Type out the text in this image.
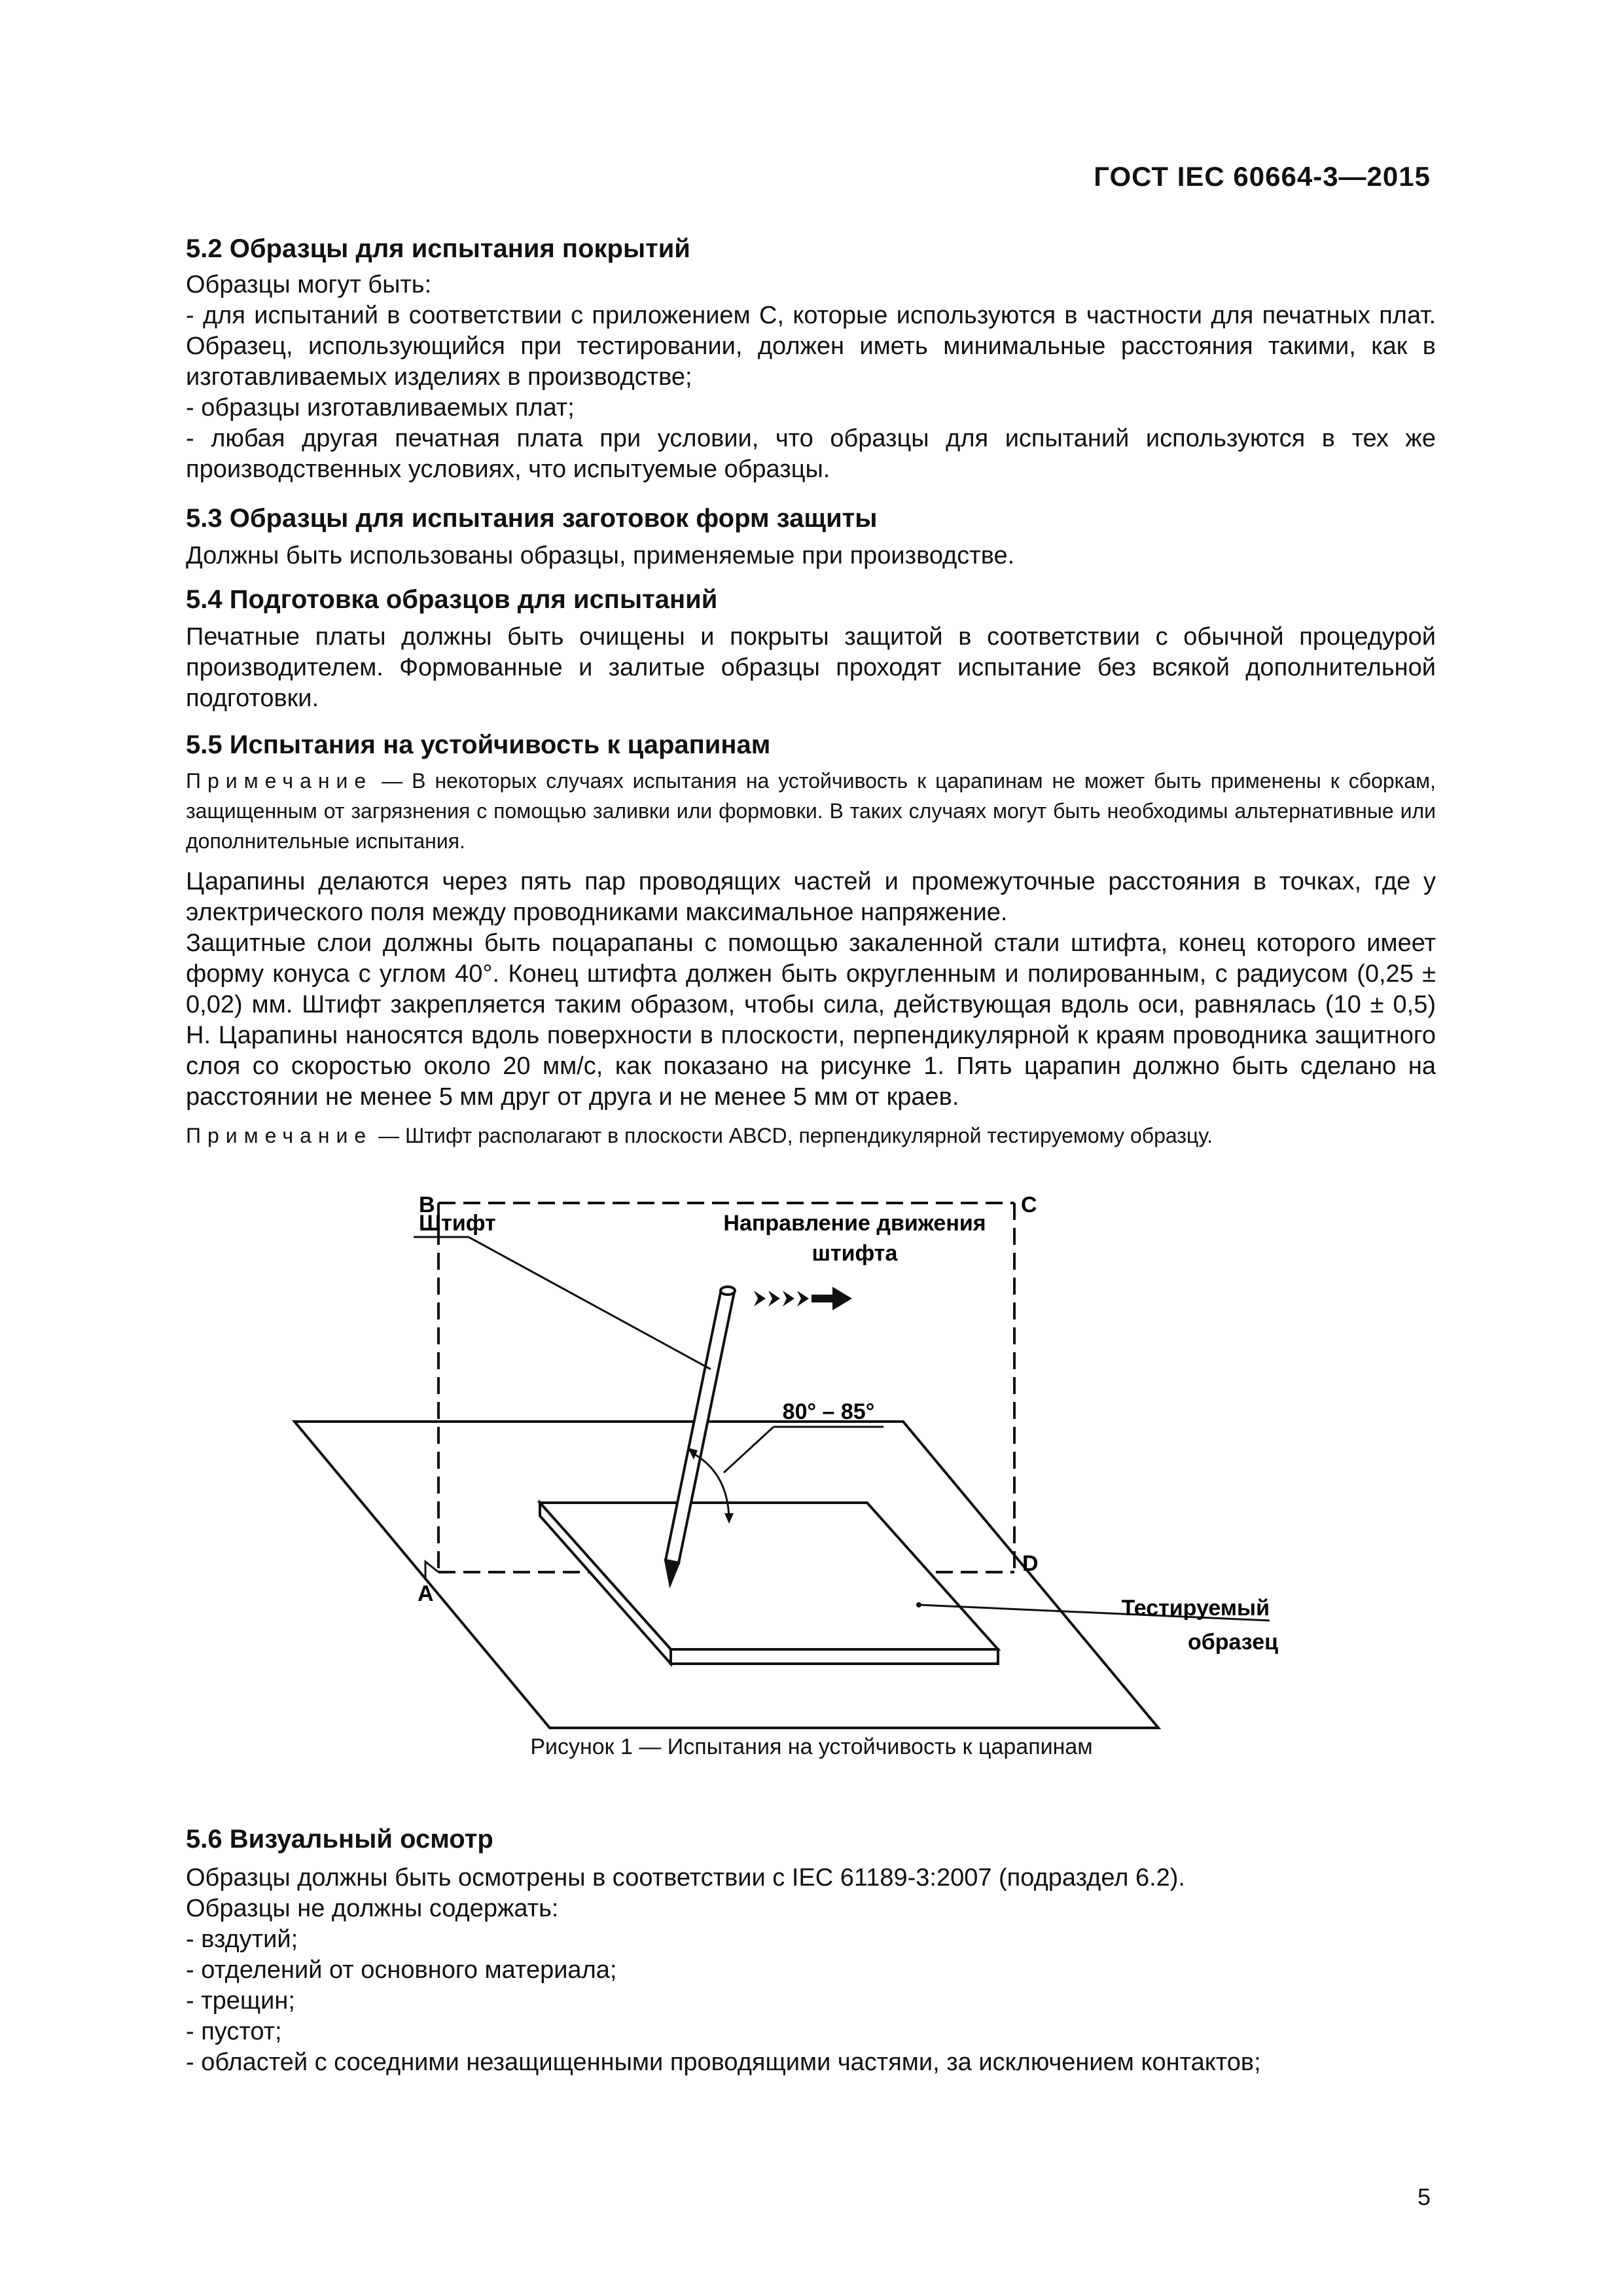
ГОСТ IEC 60664-3—2015

5.2 Образцы для испытания покрытий

Образцы могут быть:

- для испытаний в соответствии с приложением С, которые используются в частности для печатных плат. Образец, использующийся при тестировании, должен иметь минимальные расстояния такими, как в изготавливаемых изделиях в производстве;

- образцы изготавливаемых плат;

- любая другая печатная плата при условии, что образцы для испытаний используются в тех же производственных условиях, что испытуемые образцы.

5.3 Образцы для испытания заготовок форм защиты

Должны быть использованы образцы, применяемые при производстве.

5.4 Подготовка образцов для испытаний

Печатные платы должны быть очищены и покрыты защитой в соответствии с обычной процедурой производителем. Формованные и залитые образцы проходят испытание без всякой дополнительной подготовки.

5.5 Испытания на устойчивость к царапинам

Примечание — В некоторых случаях испытания на устойчивость к царапинам не может быть применены к сборкам, защищенным от загрязнения с помощью заливки или формовки. В таких случаях могут быть необходимы альтернативные или дополнительные испытания.

Царапины делаются через пять пар проводящих частей и промежуточные расстояния в точках, где у электрического поля между проводниками максимальное напряжение.

Защитные слои должны быть поцарапаны с помощью закаленной стали штифта, конец которого имеет форму конуса с углом 40°. Конец штифта должен быть округленным и полированным, с радиусом (0,25 ± 0,02) мм. Штифт закрепляется таким образом, чтобы сила, действующая вдоль оси, равнялась (10 ± 0,5) Н. Царапины наносятся вдоль поверхности в плоскости, перпендикулярной к краям проводника защитного слоя со скоростью около 20 мм/с, как показано на рисунке 1. Пять царапин должно быть сделано на расстоянии не менее 5 мм друг от друга и не менее 5 мм от краев.

Примечание — Штифт располагают в плоскости ABCD, перпендикулярной тестируемому образцу.

Штифт	Направление движения
штифта
80° – 85°
Тестируемый
образец
B	C
D
A
Рисунок 1 — Испытания на устойчивость к царапинам

5.6 Визуальный осмотр

Образцы должны быть осмотрены в соответствии с IEC 61189-3:2007 (подраздел 6.2).

Образцы не должны содержать:

- вздутий;

- отделений от основного материала;

- трещин;

- пустот;

- областей с соседними незащищенными проводящими частями, за исключением контактов;

5
